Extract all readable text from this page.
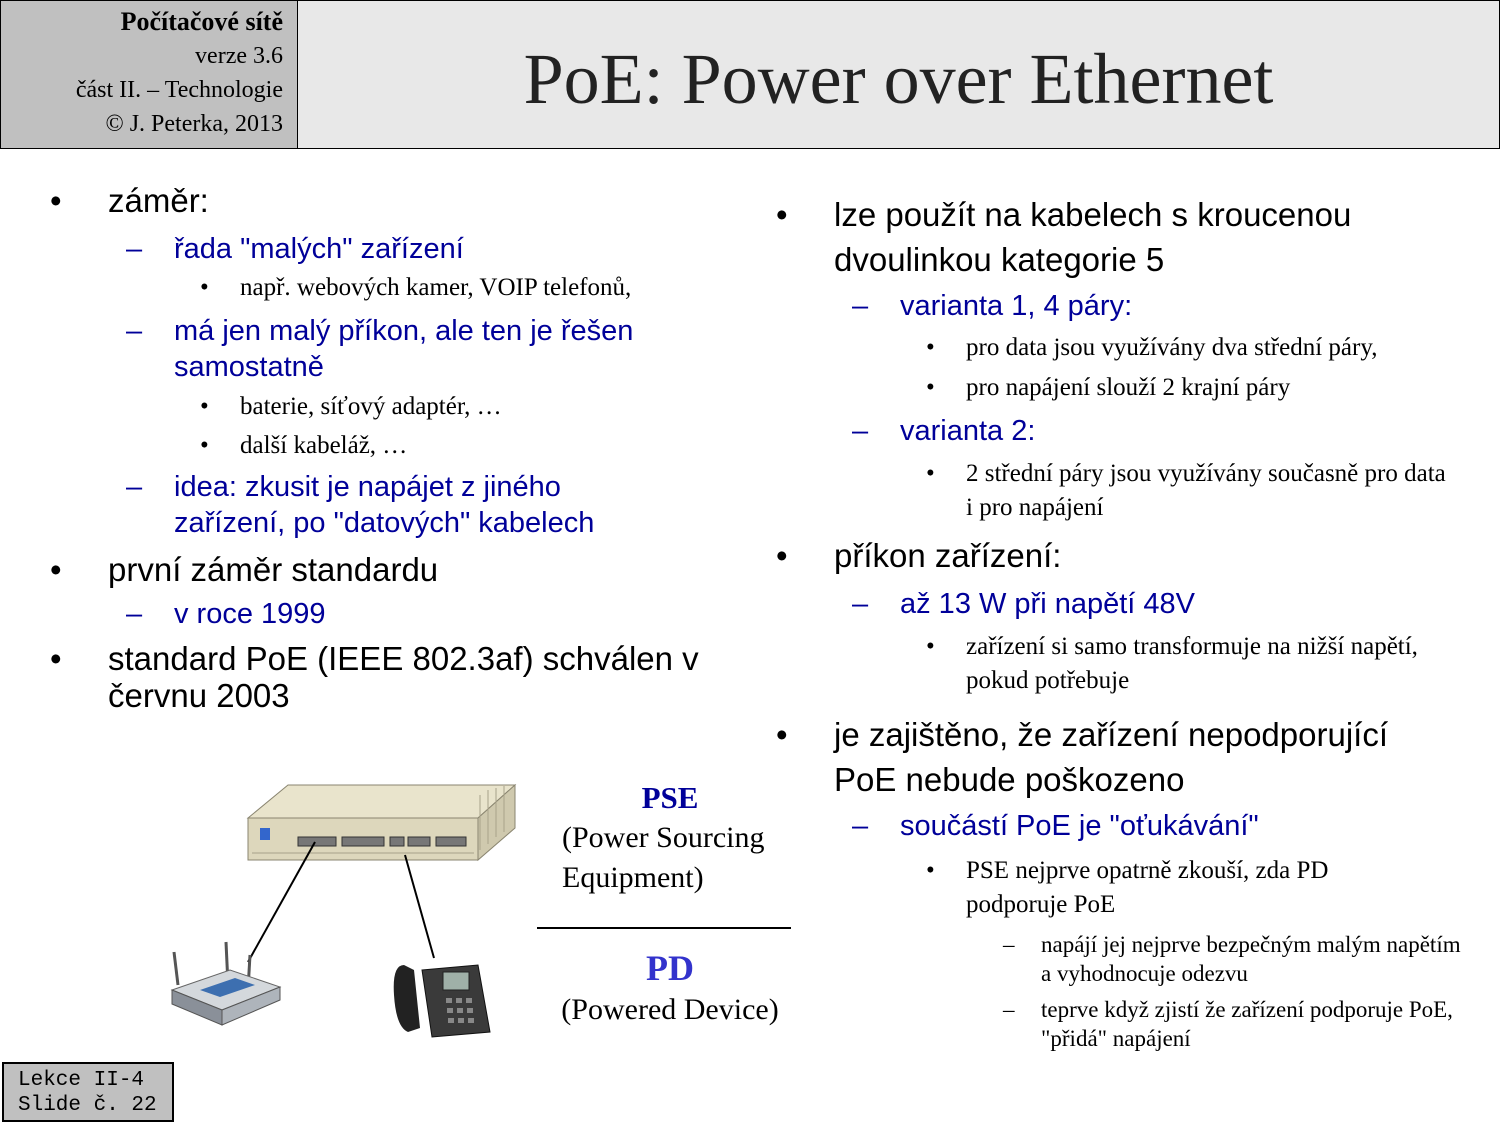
Počítačové sítě
verze 3.6
část II. – Technologie
© J. Peterka, 2013
PoE: Power over Ethernet
• záměr:
– řada "malých" zařízení
• např. webových kamer, VOIP telefonů,
– má jen malý příkon, ale ten je řešen samostatně
• baterie, síťový adaptér, …
• další kabeláž, …
– idea: zkusit je napájet z jiného zařízení, po "datových" kabelech
• první záměr standardu
– v roce 1999
• standard PoE (IEEE 802.3af) schválen v červnu 2003
• lze použít na kabelech s kroucenou dvoulinkou kategorie 5
– varianta 1, 4 páry:
• pro data jsou využívány dva střední páry,
• pro napájení slouží 2 krajní páry
– varianta 2:
• 2 střední páry jsou využívány současně pro data i pro napájení
• příkon zařízení:
– až 13 W při napětí 48V
• zařízení si samo transformuje na nižší napětí, pokud potřebuje
• je zajištěno, že zařízení nepodporující PoE nebude poškozeno
– součástí PoE je "oťukávání"
• PSE nejprve opatrně zkouší, zda PD podporuje PoE
– napájí jej nejprve bezpečným malým napětím a vyhodnocuje odezvu
– teprve když zjistí že zařízení podporuje PoE, "přidá" napájení
PSE
(Power Sourcing Equipment)
PD
(Powered Device)
Lekce II-4
Slide č. 22
